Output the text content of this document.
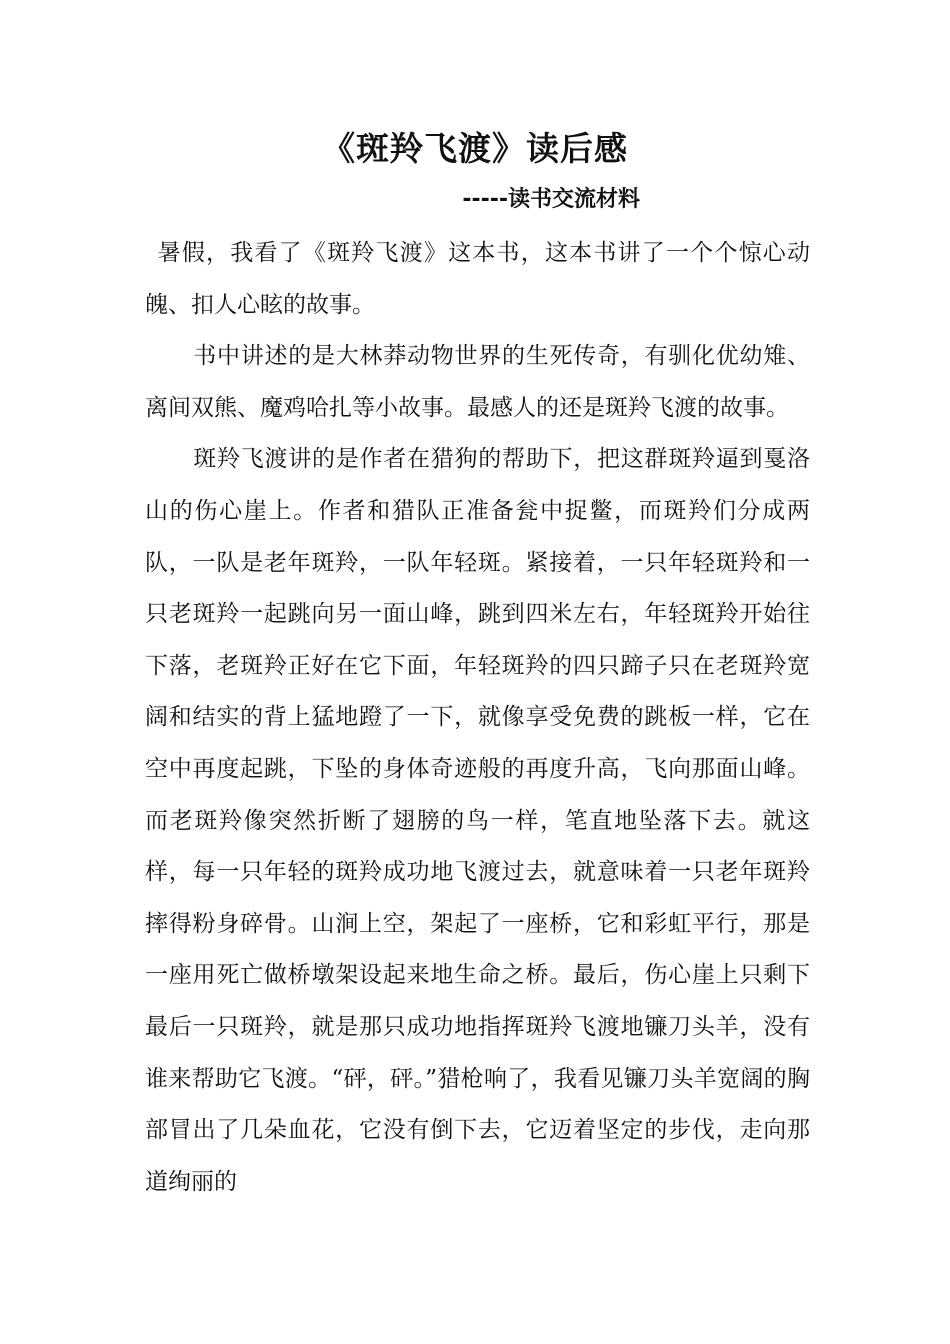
《斑羚飞渡》读后感
-----读书交流材料

暑假，我看了《斑羚飞渡》这本书，这本书讲了一个个惊心动魄、扣人心眩的故事。

书中讲述的是大林莽动物世界的生死传奇，有驯化优幼雉、离间双熊、魔鸡哈扎等小故事。最感人的还是斑羚飞渡的故事。

斑羚飞渡讲的是作者在猎狗的帮助下，把这群斑羚逼到戛洛山的伤心崖上。作者和猎队正准备瓮中捉鳖，而斑羚们分成两队，一队是老年斑羚，一队年轻斑。紧接着，一只年轻斑羚和一只老斑羚一起跳向另一面山峰，跳到四米左右，年轻斑羚开始往下落，老斑羚正好在它下面，年轻斑羚的四只蹄子只在老斑羚宽阔和结实的背上猛地蹬了一下，就像享受免费的跳板一样，它在空中再度起跳，下坠的身体奇迹般的再度升高，飞向那面山峰。而老斑羚像突然折断了翅膀的鸟一样，笔直地坠落下去。就这样，每一只年轻的斑羚成功地飞渡过去，就意味着一只老年斑羚摔得粉身碎骨。山涧上空，架起了一座桥，它和彩虹平行，那是一座用死亡做桥墩架设起来地生命之桥。最后，伤心崖上只剩下最后一只斑羚，就是那只成功地指挥斑羚飞渡地镰刀头羊，没有谁来帮助它飞渡。“砰，砰。”猎枪响了，我看见镰刀头羊宽阔的胸部冒出了几朵血花，它没有倒下去，它迈着坚定的步伐，走向那道绚丽的
